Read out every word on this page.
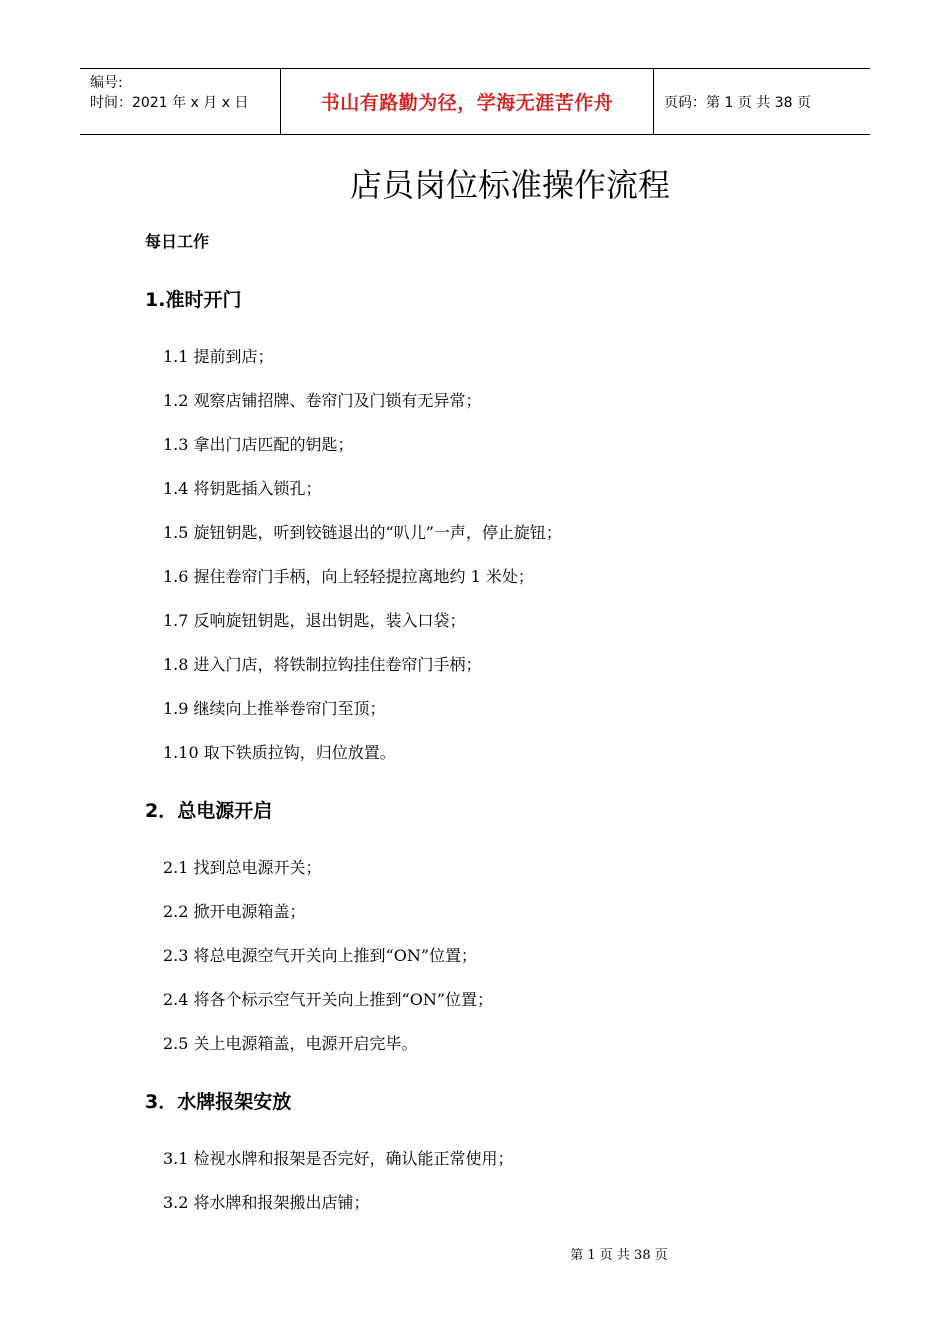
编号:
时间：2021 年 x 月 x 日	书山有路勤为径，学海无涯苦作舟	页码：第 1 页 共 38 页
店员岗位标准操作流程
每日工作
1.准时开门
1.1 提前到店；
1.2 观察店铺招牌、卷帘门及门锁有无异常；
1.3 拿出门店匹配的钥匙；
1.4 将钥匙插入锁孔；
1.5 旋钮钥匙，听到铰链退出的“叭儿”一声，停止旋钮；
1.6 握住卷帘门手柄，向上轻轻提拉离地约 1 米处；
1.7 反响旋钮钥匙，退出钥匙，装入口袋；
1.8 进入门店，将铁制拉钩挂住卷帘门手柄；
1.9 继续向上推举卷帘门至顶；
1.10 取下铁质拉钩，归位放置。
2．总电源开启
2.1 找到总电源开关；
2.2 掀开电源箱盖；
2.3 将总电源空气开关向上推到“ON”位置；
2.4 将各个标示空气开关向上推到“ON”位置；
2.5 关上电源箱盖，电源开启完毕。
3．水牌报架安放
3.1 检视水牌和报架是否完好，确认能正常使用；
3.2 将水牌和报架搬出店铺；
第 1 页 共 38 页
